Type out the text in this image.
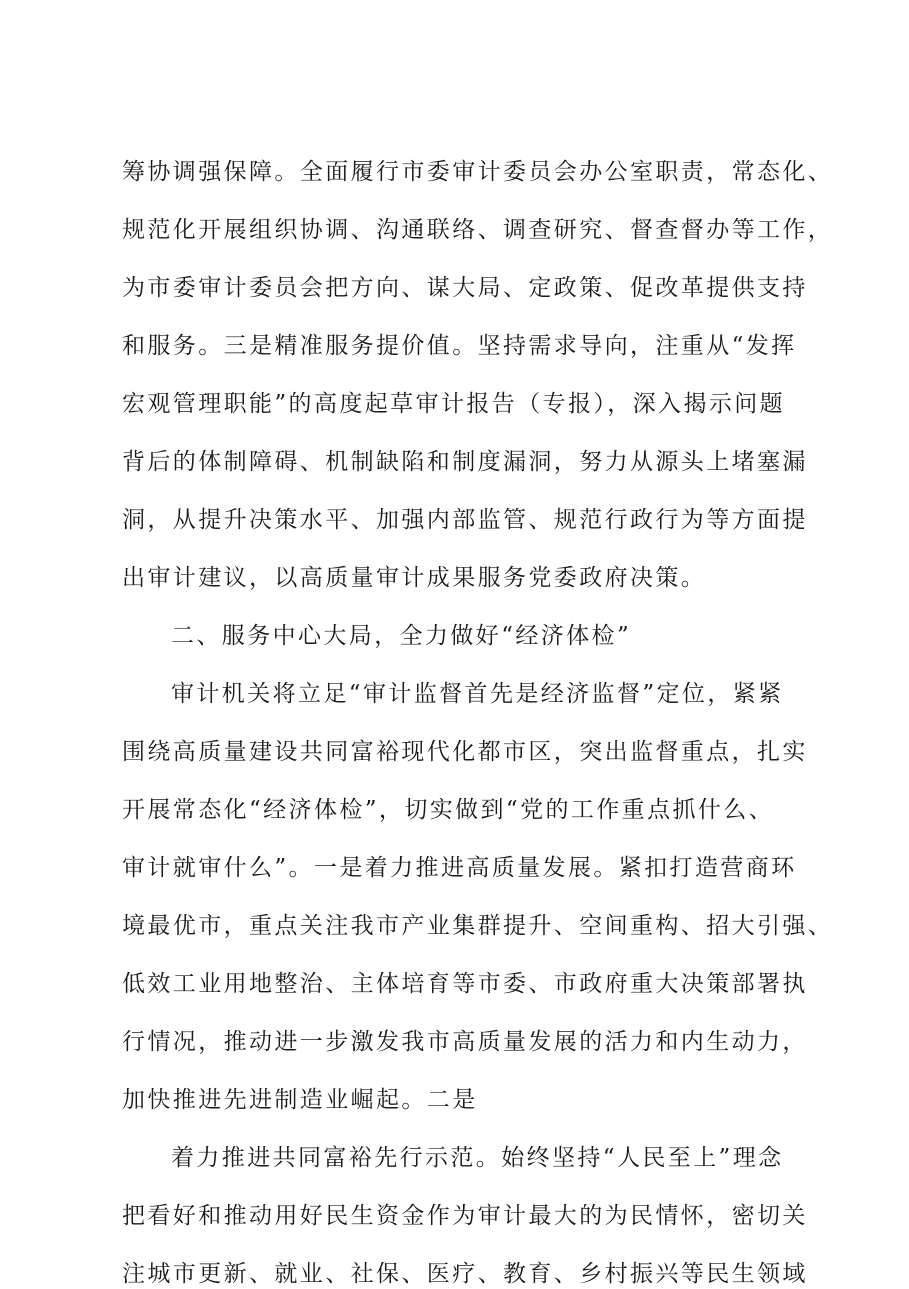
筹协调强保障。全面履行市委审计委员会办公室职责，常态化、
规范化开展组织协调、沟通联络、调查研究、督查督办等工作，
为市委审计委员会把方向、谋大局、定政策、促改革提供支持
和服务。三是精准服务提价值。坚持需求导向，注重从“发挥
宏观管理职能”的高度起草审计报告（专报），深入揭示问题
背后的体制障碍、机制缺陷和制度漏洞，努力从源头上堵塞漏
洞，从提升决策水平、加强内部监管、规范行政行为等方面提
出审计建议，以高质量审计成果服务党委政府决策。
二、服务中心大局，全力做好“经济体检”
审计机关将立足“审计监督首先是经济监督”定位，紧紧
围绕高质量建设共同富裕现代化都市区，突出监督重点，扎实
开展常态化“经济体检”，切实做到“党的工作重点抓什么、
审计就审什么”。一是着力推进高质量发展。紧扣打造营商环
境最优市，重点关注我市产业集群提升、空间重构、招大引强、
低效工业用地整治、主体培育等市委、市政府重大决策部署执
行情况，推动进一步激发我市高质量发展的活力和内生动力，
加快推进先进制造业崛起。二是
着力推进共同富裕先行示范。始终坚持“人民至上”理念
把看好和推动用好民生资金作为审计最大的为民情怀，密切关
注城市更新、就业、社保、医疗、教育、乡村振兴等民生领域
